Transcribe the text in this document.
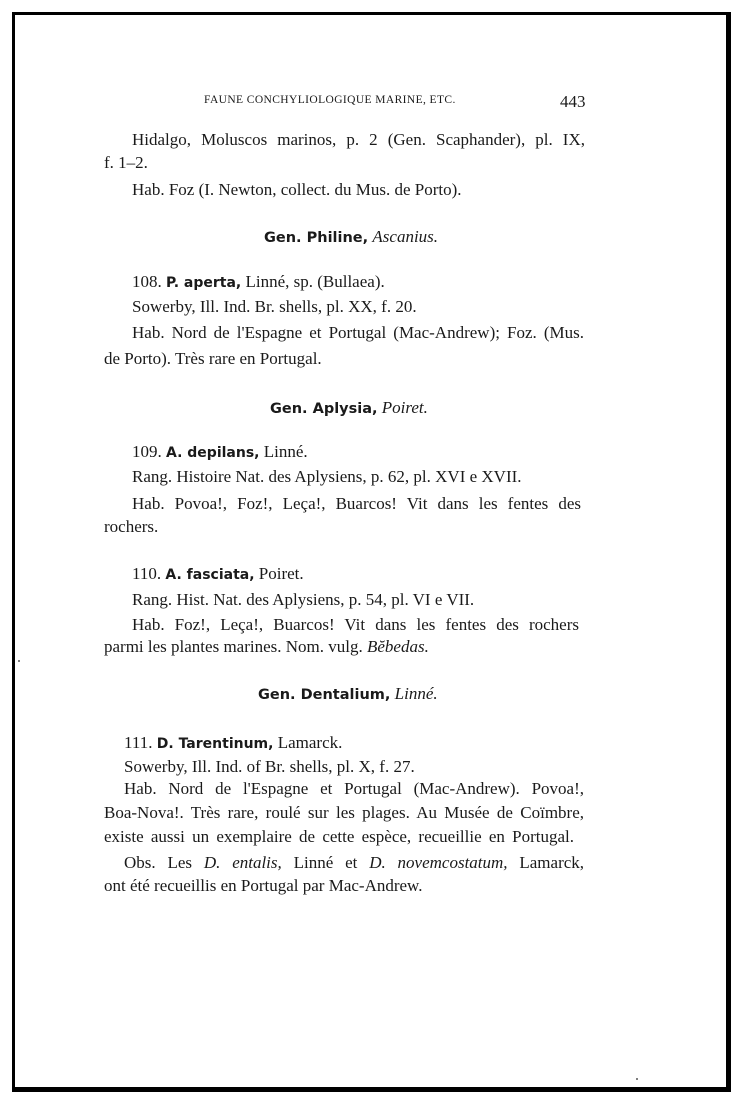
FAUNE CONCHYLIOLOGIQUE MARINE, ETC.	443
Hidalgo, Moluscos marinos, p. 2 (Gen. Scaphander), pl. IX,
f. 1–2.
Hab. Foz (I. Newton, collect. du Mus. de Porto).
Gen. Philine, Ascanius.
108. P. aperta, Linné, sp. (Bullaea).
Sowerby, Ill. Ind. Br. shells, pl. XX, f. 20.
Hab. Nord de l'Espagne et Portugal (Mac-Andrew); Foz. (Mus.
de Porto). Très rare en Portugal.
Gen. Aplysia, Poiret.
109. A. depilans, Linné.
Rang. Histoire Nat. des Aplysiens, p. 62, pl. XVI e XVII.
Hab. Povoa!, Foz!, Leça!, Buarcos! Vit dans les fentes des
rochers.
110. A. fasciata, Poiret.
Rang. Hist. Nat. des Aplysiens, p. 54, pl. VI e VII.
Hab. Foz!, Leça!, Buarcos! Vit dans les fentes des rochers
parmi les plantes marines. Nom. vulg. Bĕbedas.
Gen. Dentalium, Linné.
111. D. Tarentinum, Lamarck.
Sowerby, Ill. Ind. of Br. shells, pl. X, f. 27.
Hab. Nord de l'Espagne et Portugal (Mac-Andrew). Povoa!,
Boa-Nova!. Très rare, roulé sur les plages. Au Musée de Coïmbre,
existe aussi un exemplaire de cette espèce, recueillie en Portugal.
Obs. Les D. entalis, Linné et D. novemcostatum, Lamarck,
ont été recueillis en Portugal par Mac-Andrew.
